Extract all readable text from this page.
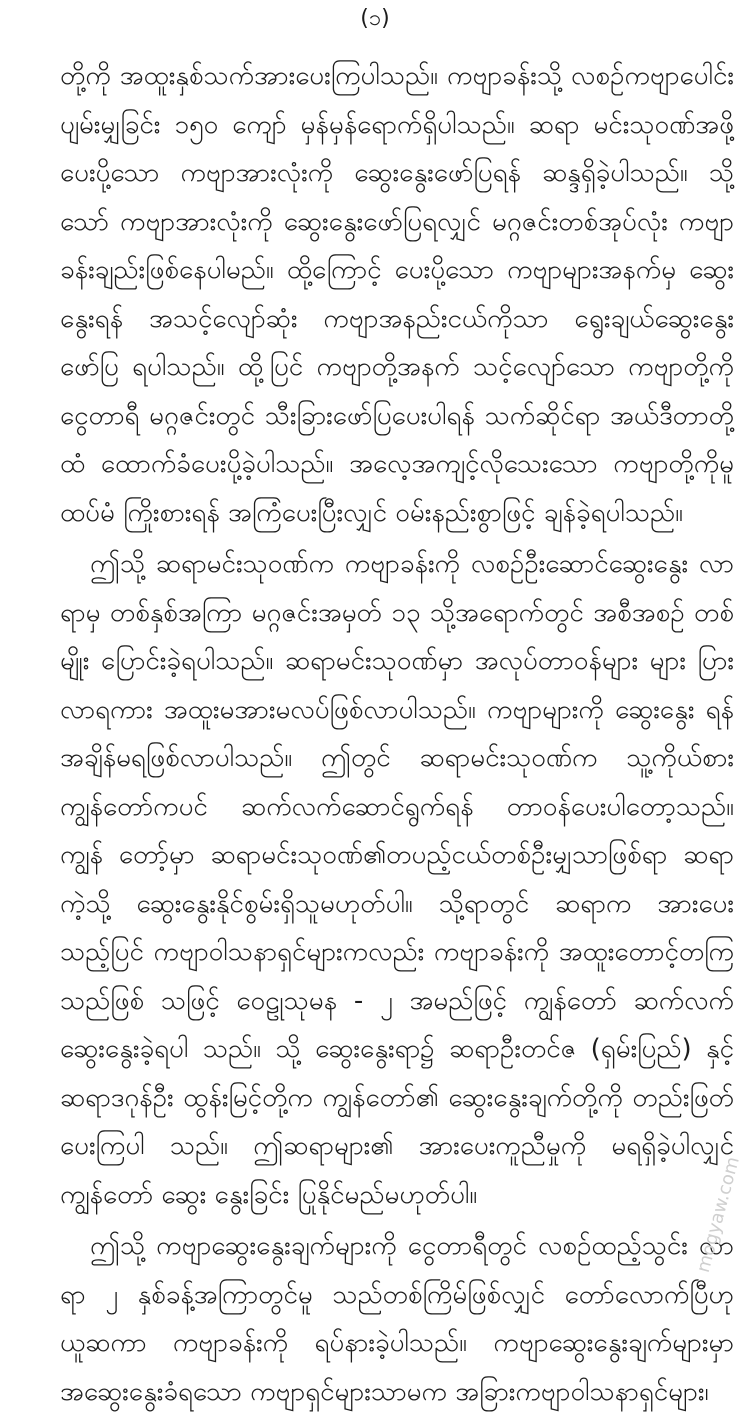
(၁)

တို့ကို အထူးနှစ်သက်အားပေးကြပါသည်။ ကဗျာခန်းသို့ လစဉ်ကဗျာပေါင်း ပျမ်းမျှခြင်း ၁၅၀ ကျော် မှန်မှန်ရောက်ရှိပါသည်။ ဆရာ မင်းသုဝဏ်အဖို့ ပေးပို့သော ကဗျာအားလုံးကို ဆွေးနွေးဖော်ပြရန် ဆန္ဒရှိခဲ့ပါသည်။ သို့ သော် ကဗျာအားလုံးကို ဆွေးနွေးဖော်ပြရလျှင် မဂ္ဂဇင်းတစ်အုပ်လုံး ကဗျာ ခန်းချည်းဖြစ်နေပါမည်။ ထို့ကြောင့် ပေးပို့သော ကဗျာများအနက်မှ ဆွေး နွေးရန် အသင့်လျော်ဆုံး ကဗျာအနည်းငယ်ကိုသာ ရွေးချယ်ဆွေးနွေး ဖော်ပြ ရပါသည်။ ထို့ပြင် ကဗျာတို့အနက် သင့်လျော်သော ကဗျာတို့ကို ငွေတာရီ မဂ္ဂဇင်းတွင် သီးခြားဖော်ပြပေးပါရန် သက်ဆိုင်ရာ အယ်ဒီတာတို့ထံ ထောက်ခံပေးပို့ခဲ့ပါသည်။ အလေ့အကျင့်လိုသေးသော ကဗျာတို့ကိုမူ ထပ်မံ ကြိုးစားရန် အကြံပေးပြီးလျှင် ဝမ်းနည်းစွာဖြင့် ချန်ခဲ့ရပါသည်။

ဤသို့ ဆရာမင်းသုဝဏ်က ကဗျာခန်းကို လစဉ်ဦးဆောင်ဆွေးနွေး လာရာမှ တစ်နှစ်အကြာ မဂ္ဂဇင်းအမှတ် ၁၃ သို့အရောက်တွင် အစီအစဉ် တစ်မျိုး ပြောင်းခဲ့ရပါသည်။ ဆရာမင်းသုဝဏ်မှာ အလုပ်တာဝန်များ များ ပြားလာရကား အထူးမအားမလပ်ဖြစ်လာပါသည်။ ကဗျာများကို ဆွေးနွေး ရန် အချိန်မရဖြစ်လာပါသည်။ ဤတွင် ဆရာမင်းသုဝဏ်က သူ့ကိုယ်စား ကျွန်တော်ကပင် ဆက်လက်ဆောင်ရွက်ရန် တာဝန်ပေးပါတော့သည်။ ကျွန် တော့်မှာ ဆရာမင်းသုဝဏ်၏တပည့်ငယ်တစ်ဦးမျှသာဖြစ်ရာ ဆရာကဲ့သို့ ဆွေးနွေးနိုင်စွမ်းရှိသူမဟုတ်ပါ။ သို့ရာတွင် ဆရာက အားပေးသည့်ပြင် ကဗျာဝါသနာရှင်များကလည်း ကဗျာခန်းကို အထူးတောင့်တကြသည်ဖြစ် သဖြင့် ဝေဠုသုမန - ၂ အမည်ဖြင့် ကျွန်တော် ဆက်လက်ဆွေးနွေးခဲ့ရပါ သည်။ သို့ ဆွေးနွေးရာ၌ ဆရာဦးတင်ဇ (ရှမ်းပြည်) နှင့် ဆရာဒဂုန်ဦး ထွန်းမြင့်တို့က ကျွန်တော်၏ ဆွေးနွေးချက်တို့ကို တည်းဖြတ်ပေးကြပါ သည်။ ဤဆရာများ၏ အားပေးကူညီမှုကို မရရှိခဲ့ပါလျှင် ကျွန်တော် ဆွေး နွေးခြင်း ပြုနိုင်မည်မဟုတ်ပါ။

ဤသို့ ကဗျာဆွေးနွေးချက်များကို ငွေတာရီတွင် လစဉ်ထည့်သွင်း လာရာ ၂ နှစ်ခန့်အကြာတွင်မူ သည်တစ်ကြိမ်ဖြစ်လျှင် တော်လောက်ပြီဟု ယူဆကာ ကဗျာခန်းကို ရပ်နားခဲ့ပါသည်။ ကဗျာဆွေးနွေးချက်များမှာ အဆွေးနွေးခံရသော ကဗျာရှင်များသာမက အခြားကဗျာဝါသနာရှင်များ၊

mogyaw.com
